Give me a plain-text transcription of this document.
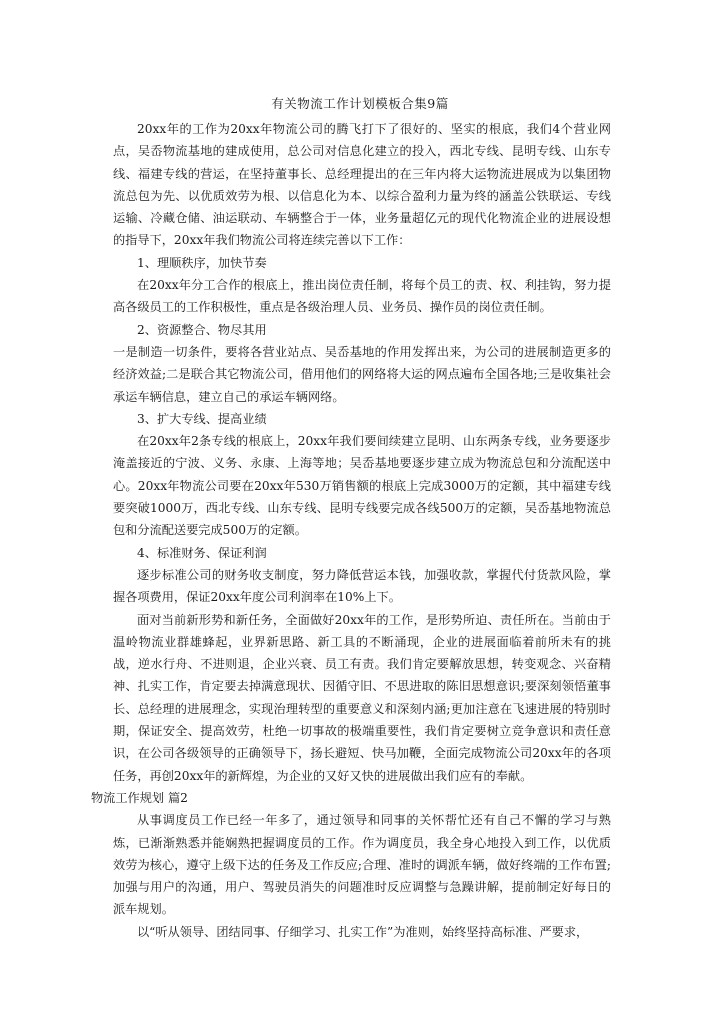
有关物流工作计划模板合集9篇

20xx年的工作为20xx年物流公司的腾飞打下了很好的、坚实的根底，我们4个营业网点，吴岙物流基地的建成使用，总公司对信息化建立的投入，西北专线、昆明专线、山东专线、福建专线的营运，在坚持董事长、总经理提出的在三年内将大运物流进展成为以集团物流总包为先、以优质效劳为根、以信息化为本、以综合盈利力量为终的涵盖公铁联运、专线运输、冷藏仓储、油运联动、车辆整合于一体，业务量超亿元的现代化物流企业的进展设想的指导下，20xx年我们物流公司将连续完善以下工作：

1、理顺秩序，加快节奏

在20xx年分工合作的根底上，推出岗位责任制，将每个员工的责、权、利挂钩，努力提高各级员工的工作积极性，重点是各级治理人员、业务员、操作员的岗位责任制。

2、资源整合、物尽其用

一是制造一切条件，要将各营业站点、吴岙基地的作用发挥出来，为公司的进展制造更多的经济效益;二是联合其它物流公司，借用他们的网络将大运的网点遍布全国各地;三是收集社会承运车辆信息，建立自己的承运车辆网络。

3、扩大专线、提高业绩

在20xx年2条专线的根底上，20xx年我们要间续建立昆明、山东两条专线，业务要逐步淹盖接近的宁波、义务、永康、上海等地；吴岙基地要逐步建立成为物流总包和分流配送中心。20xx年物流公司要在20xx年530万销售额的根底上完成3000万的定额，其中福建专线要突破1000万，西北专线、山东专线、昆明专线要完成各线500万的定额，吴岙基地物流总包和分流配送要完成500万的定额。

4、标准财务、保证利润

逐步标准公司的财务收支制度，努力降低营运本钱，加强收款，掌握代付货款风险，掌握各项费用，保证20xx年度公司利润率在10%上下。

面对当前新形势和新任务，全面做好20xx年的工作，是形势所迫、责任所在。当前由于温岭物流业群雄蜂起，业界新思路、新工具的不断涌现，企业的进展面临着前所未有的挑战，逆水行舟、不进则退，企业兴衰、员工有责。我们肯定要解放思想，转变观念、兴奋精神、扎实工作，肯定要去掉满意现状、因循守旧、不思进取的陈旧思想意识;要深刻领悟董事长、总经理的进展理念，实现治理转型的重要意义和深刻内涵;更加注意在飞速进展的特别时期，保证安全、提高效劳，杜绝一切事故的极端重要性，我们肯定要树立竞争意识和责任意识，在公司各级领导的正确领导下，扬长避短、快马加鞭，全面完成物流公司20xx年的各项任务，再创20xx年的新辉煌，为企业的又好又快的进展做出我们应有的奉献。

物流工作规划 篇2

从事调度员工作已经一年多了，通过领导和同事的关怀帮忙还有自己不懈的学习与熟炼，已渐渐熟悉并能娴熟把握调度员的工作。作为调度员，我全身心地投入到工作，以优质效劳为核心，遵守上级下达的任务及工作反应;合理、准时的调派车辆，做好终端的工作布置;加强与用户的沟通，用户、驾驶员消失的问题准时反应调整与急躁讲解，提前制定好每日的派车规划。

以“听从领导、团结同事、仔细学习、扎实工作”为准则，始终坚持高标准、严要求，
